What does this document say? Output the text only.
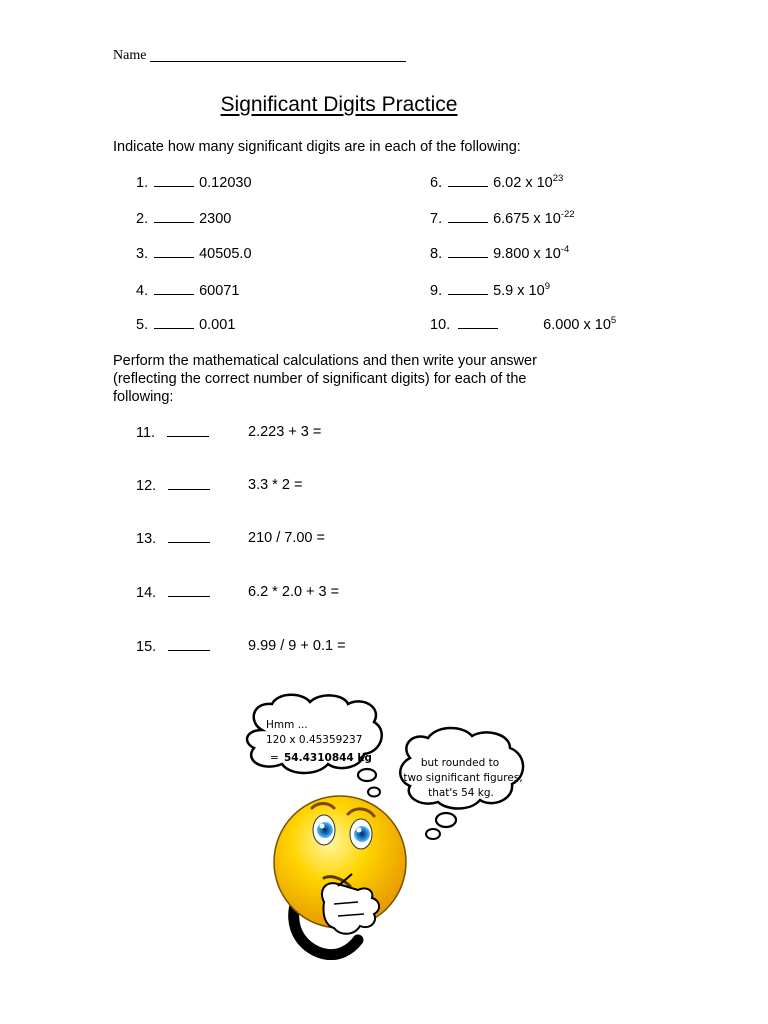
Name
Significant Digits Practice
Indicate how many significant digits are in each of the following:
1.	0.12030
2.	2300
3.	40505.0
4.	60071
5.	0.001
6.	6.02 x $10^{23}$
7.	6.675 x $10^{-22}$
8.	9.800 x $10^{-4}$
9.	5.9 x $10^9$
10.	6.000 x $10^5$
Perform the mathematical calculations and then write your answer (reflecting the correct number of significant digits) for each of the following:
11.	2.223 + 3 =
12.	3.3 * 2 =
13.	210 / 7.00 =
14.	6.2 * 2.0 + 3 =
15.	9.99 / 9 + 0.1 =
Hmm ...
120 x 0.45359237
= 54.4310844 kg	but rounded to
two significant figures,
that's 54 kg.
